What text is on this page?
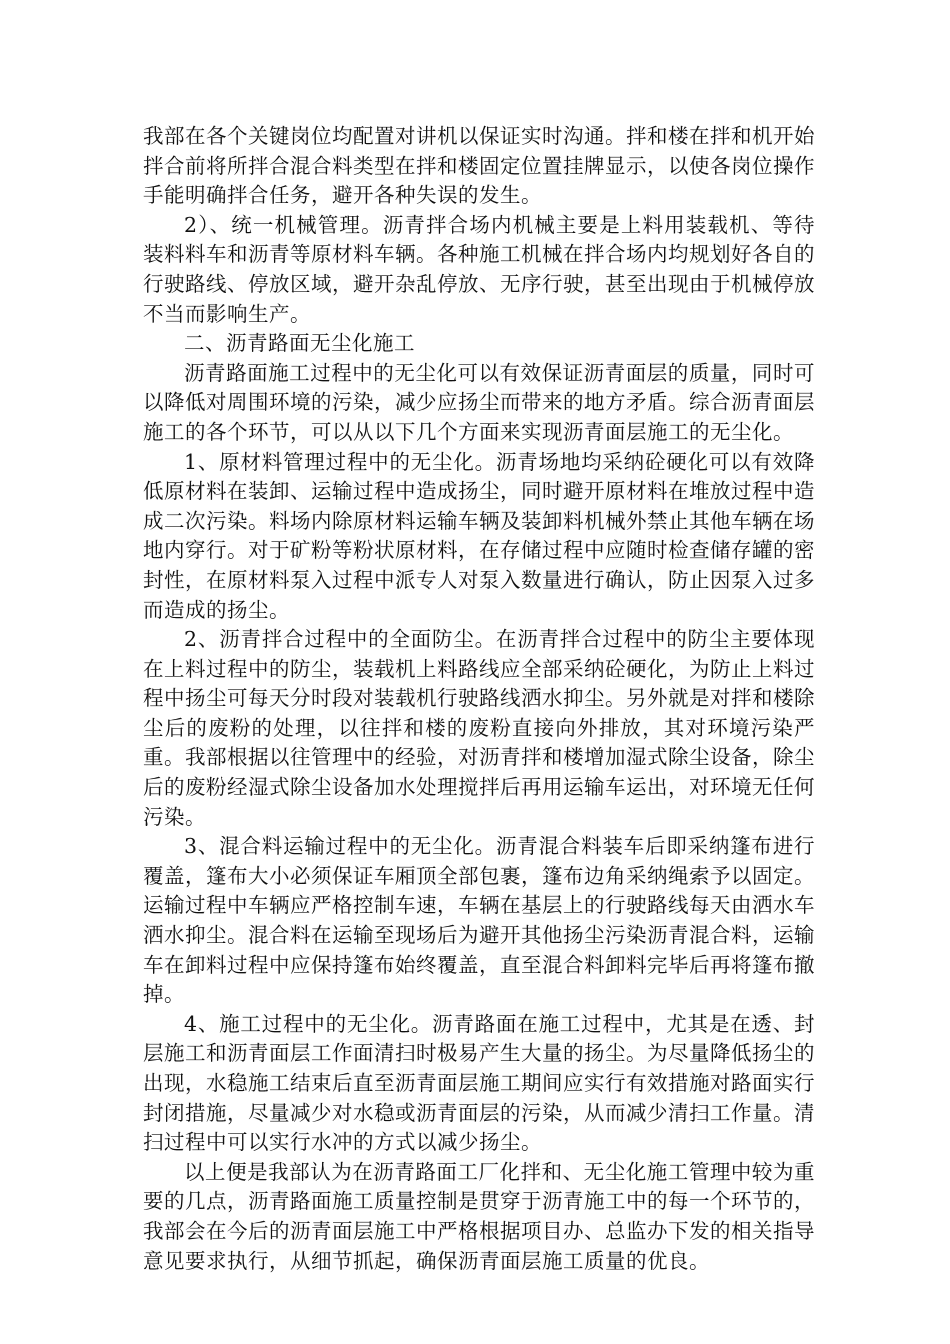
我部在各个关键岗位均配置对讲机以保证实时沟通。拌和楼在拌和机开始拌合前将所拌合混合料类型在拌和楼固定位置挂牌显示，以使各岗位操作手能明确拌合任务，避开各种失误的发生。

2）、统一机械管理。沥青拌合场内机械主要是上料用装载机、等待装料料车和沥青等原材料车辆。各种施工机械在拌合场内均规划好各自的行驶路线、停放区域，避开杂乱停放、无序行驶，甚至出现由于机械停放不当而影响生产。

二、沥青路面无尘化施工

沥青路面施工过程中的无尘化可以有效保证沥青面层的质量，同时可以降低对周围环境的污染，减少应扬尘而带来的地方矛盾。综合沥青面层施工的各个环节，可以从以下几个方面来实现沥青面层施工的无尘化。

1、原材料管理过程中的无尘化。沥青场地均采纳砼硬化可以有效降低原材料在装卸、运输过程中造成扬尘，同时避开原材料在堆放过程中造成二次污染。料场内除原材料运输车辆及装卸料机械外禁止其他车辆在场地内穿行。对于矿粉等粉状原材料，在存储过程中应随时检查储存罐的密封性，在原材料泵入过程中派专人对泵入数量进行确认，防止因泵入过多而造成的扬尘。

2、沥青拌合过程中的全面防尘。在沥青拌合过程中的防尘主要体现在上料过程中的防尘，装载机上料路线应全部采纳砼硬化，为防止上料过程中扬尘可每天分时段对装载机行驶路线洒水抑尘。另外就是对拌和楼除尘后的废粉的处理，以往拌和楼的废粉直接向外排放，其对环境污染严重。我部根据以往管理中的经验，对沥青拌和楼增加湿式除尘设备，除尘后的废粉经湿式除尘设备加水处理搅拌后再用运输车运出，对环境无任何污染。

3、混合料运输过程中的无尘化。沥青混合料装车后即采纳篷布进行覆盖，篷布大小必须保证车厢顶全部包裹，篷布边角采纳绳索予以固定。运输过程中车辆应严格控制车速，车辆在基层上的行驶路线每天由洒水车洒水抑尘。混合料在运输至现场后为避开其他扬尘污染沥青混合料，运输车在卸料过程中应保持篷布始终覆盖，直至混合料卸料完毕后再将篷布撤掉。

4、施工过程中的无尘化。沥青路面在施工过程中，尤其是在透、封层施工和沥青面层工作面清扫时极易产生大量的扬尘。为尽量降低扬尘的出现，水稳施工结束后直至沥青面层施工期间应实行有效措施对路面实行封闭措施，尽量减少对水稳或沥青面层的污染，从而减少清扫工作量。清扫过程中可以实行水冲的方式以减少扬尘。

以上便是我部认为在沥青路面工厂化拌和、无尘化施工管理中较为重要的几点，沥青路面施工质量控制是贯穿于沥青施工中的每一个环节的，我部会在今后的沥青面层施工中严格根据项目办、总监办下发的相关指导意见要求执行，从细节抓起，确保沥青面层施工质量的优良。
